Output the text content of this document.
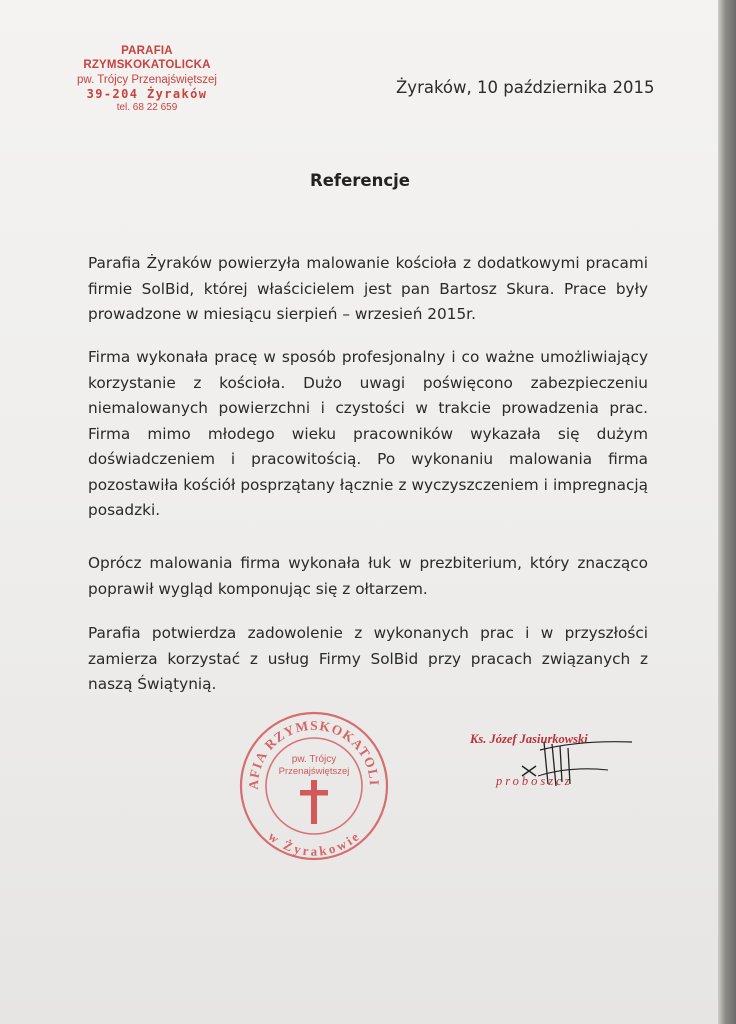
PARAFIA RZYMSKOKATOLICKA
pw. Trójcy Przenajświętszej
39-204 Żyraków
tel. 68 22 659
Żyraków, 10 października 2015
Referencje
Parafia Żyraków powierzyła malowanie kościoła z dodatkowymi pracami firmie SolBid, której właścicielem jest pan Bartosz Skura. Prace były prowadzone w miesiącu sierpień – wrzesień 2015r.
Firma wykonała pracę w sposób profesjonalny i co ważne umożliwiający korzystanie z kościoła. Dużo uwagi poświęcono zabezpieczeniu niemalowanych powierzchni i czystości w trakcie prowadzenia prac. Firma mimo młodego wieku pracowników wykazała się dużym doświadczeniem i pracowitością. Po wykonaniu malowania firma pozostawiła kościół posprzątany łącznie z wyczyszczeniem i impregnacją posadzki.
Oprócz malowania firma wykonała łuk w prezbiterium, który znacząco poprawił wygląd komponując się z ołtarzem.
Parafia potwierdza zadowolenie z wykonanych prac i w przyszłości zamierza korzystać z usług Firmy SolBid przy pracach związanych z naszą Świątynią.
AFIA RZYMSKOKATOLI
w Żyrakowie
pw. Trójcy
Przenajświętszej
Ks. Józef Jasiurkowski
proboszcz
